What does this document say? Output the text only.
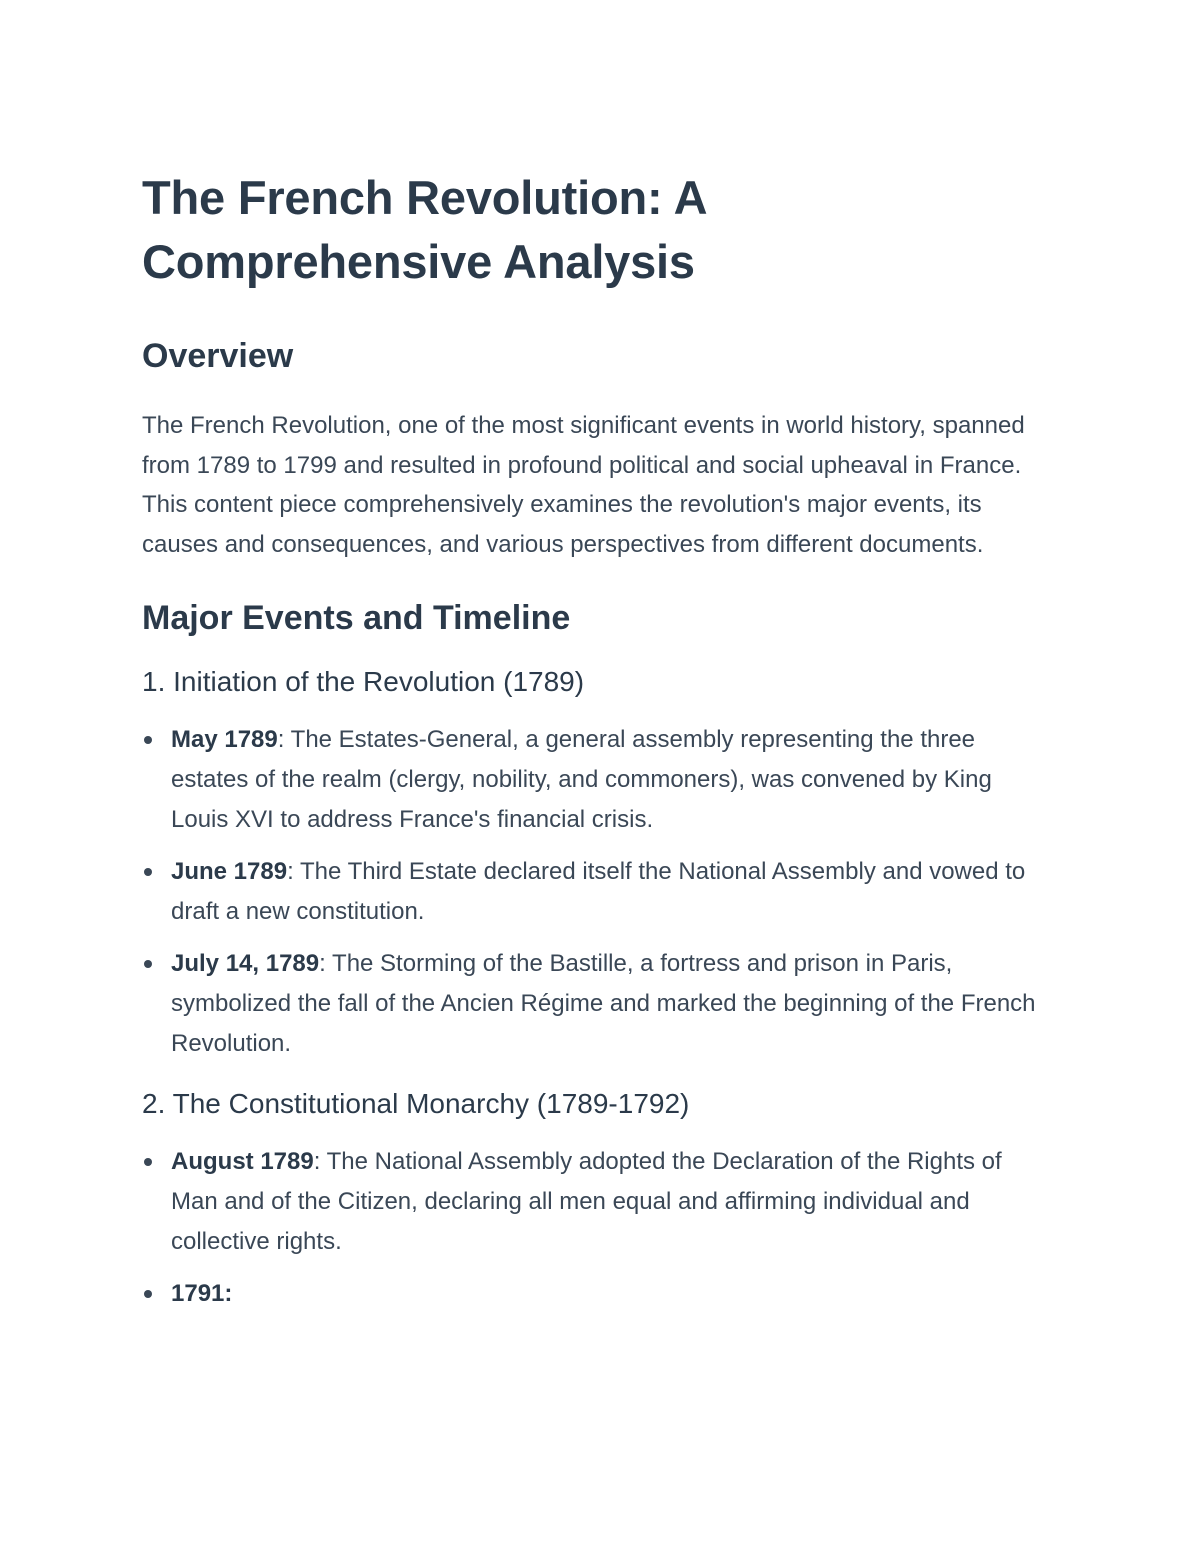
The French Revolution: A Comprehensive Analysis
Overview

The French Revolution, one of the most significant events in world history, spanned from 1789 to 1799 and resulted in profound political and social upheaval in France. This content piece comprehensively examines the revolution's major events, its causes and consequences, and various perspectives from different documents.

Major Events and Timeline
1. Initiation of the Revolution (1789)
May 1789: The Estates-General, a general assembly representing the three estates of the realm (clergy, nobility, and commoners), was convened by King Louis XVI to address France's financial crisis.
June 1789: The Third Estate declared itself the National Assembly and vowed to draft a new constitution.
July 14, 1789: The Storming of the Bastille, a fortress and prison in Paris, symbolized the fall of the Ancien Régime and marked the beginning of the French Revolution.
2. The Constitutional Monarchy (1789-1792)
August 1789: The National Assembly adopted the Declaration of the Rights of Man and of the Citizen, declaring all men equal and affirming individual and collective rights.
1791:
